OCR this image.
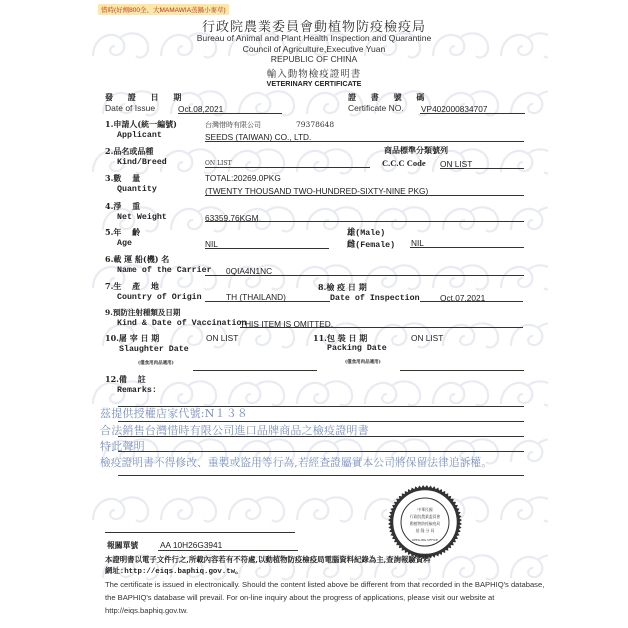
惜時(好劑800全、大MAMAWIA蒸鍋小麥草)
行政院農業委員會動植物防疫檢疫局
Bureau of Animal and Plant Health Inspection and Quarantine
Council of Agriculture,Executive Yuan
REPUBLIC OF CHINA
輸入動物檢疫證明書
VETERINARY CERTIFICATE
發 證 日 期
Date of Issue	Oct.08,2021
證 書 號 碼
Certificate NO. VP402000834707
1.申請人(統一編號)
Applicant
台灣惜時有限公司	79378648
SEEDS (TAIWAN) CO., LTD.
2.品名或品種
Kind/Breed	ON LIST
商品標準分類號列
C.C.C Code ON LIST
3.數　 量
Quantity
TOTAL:20269.0PKG
(TWENTY THOUSAND TWO-HUNDRED-SIXTY-NINE PKG)
4.淨　 重
Net Weight	63359.76KGM
5.年　 齡
Age	NIL
雄(Male)
雌(Female) NIL
6.載 運 船(機) 名
Name of the Carrier 0QIA4N1NC
7.生　 產　 地
Country of Origin	TH (THAILAND)
8.檢 疫 日 期
Date of Inspection Oct.07,2021
9.預防注射種類及日期
Kind & Date of Vaccination
THIS ITEM IS OMITTED.
10.屠 宰 日 期	ON LIST
Slaughter Date
(僅食用肉品適用)
11.包 裝 日 期	ON LIST
Packing Date
(僅食用肉品適用)
12.備　 註
Remarks:
茲提供授權店家代號:N１３８
合法銷售台灣惜時有限公司進口品牌商品之檢疫證明書
特此聲明
檢疫證明書不得修改、重製或盜用等行為,若經查證屬實本公司將保留法律追訴權。
中華民國
行政院農業委員會
動植物防疫檢疫局
基 隆 分 局
KEELUNG OFFICE
報關單號	AA 10H26G3941
本證明書以電子文件行之,所載內容若有不符處,以動植物防疫檢疫局電腦資料紀錄為主,查詢報驗資料
網址:http://eiqs.baphiq.gov.tw。
The certificate is issued in electronically. Should the content listed above be different from that recorded in the BAPHIQ's database, the BAPHIQ's database will prevail. For on-line inquiry about the progress of applications, please visit our website at http://eiqs.baphiq.gov.tw.
